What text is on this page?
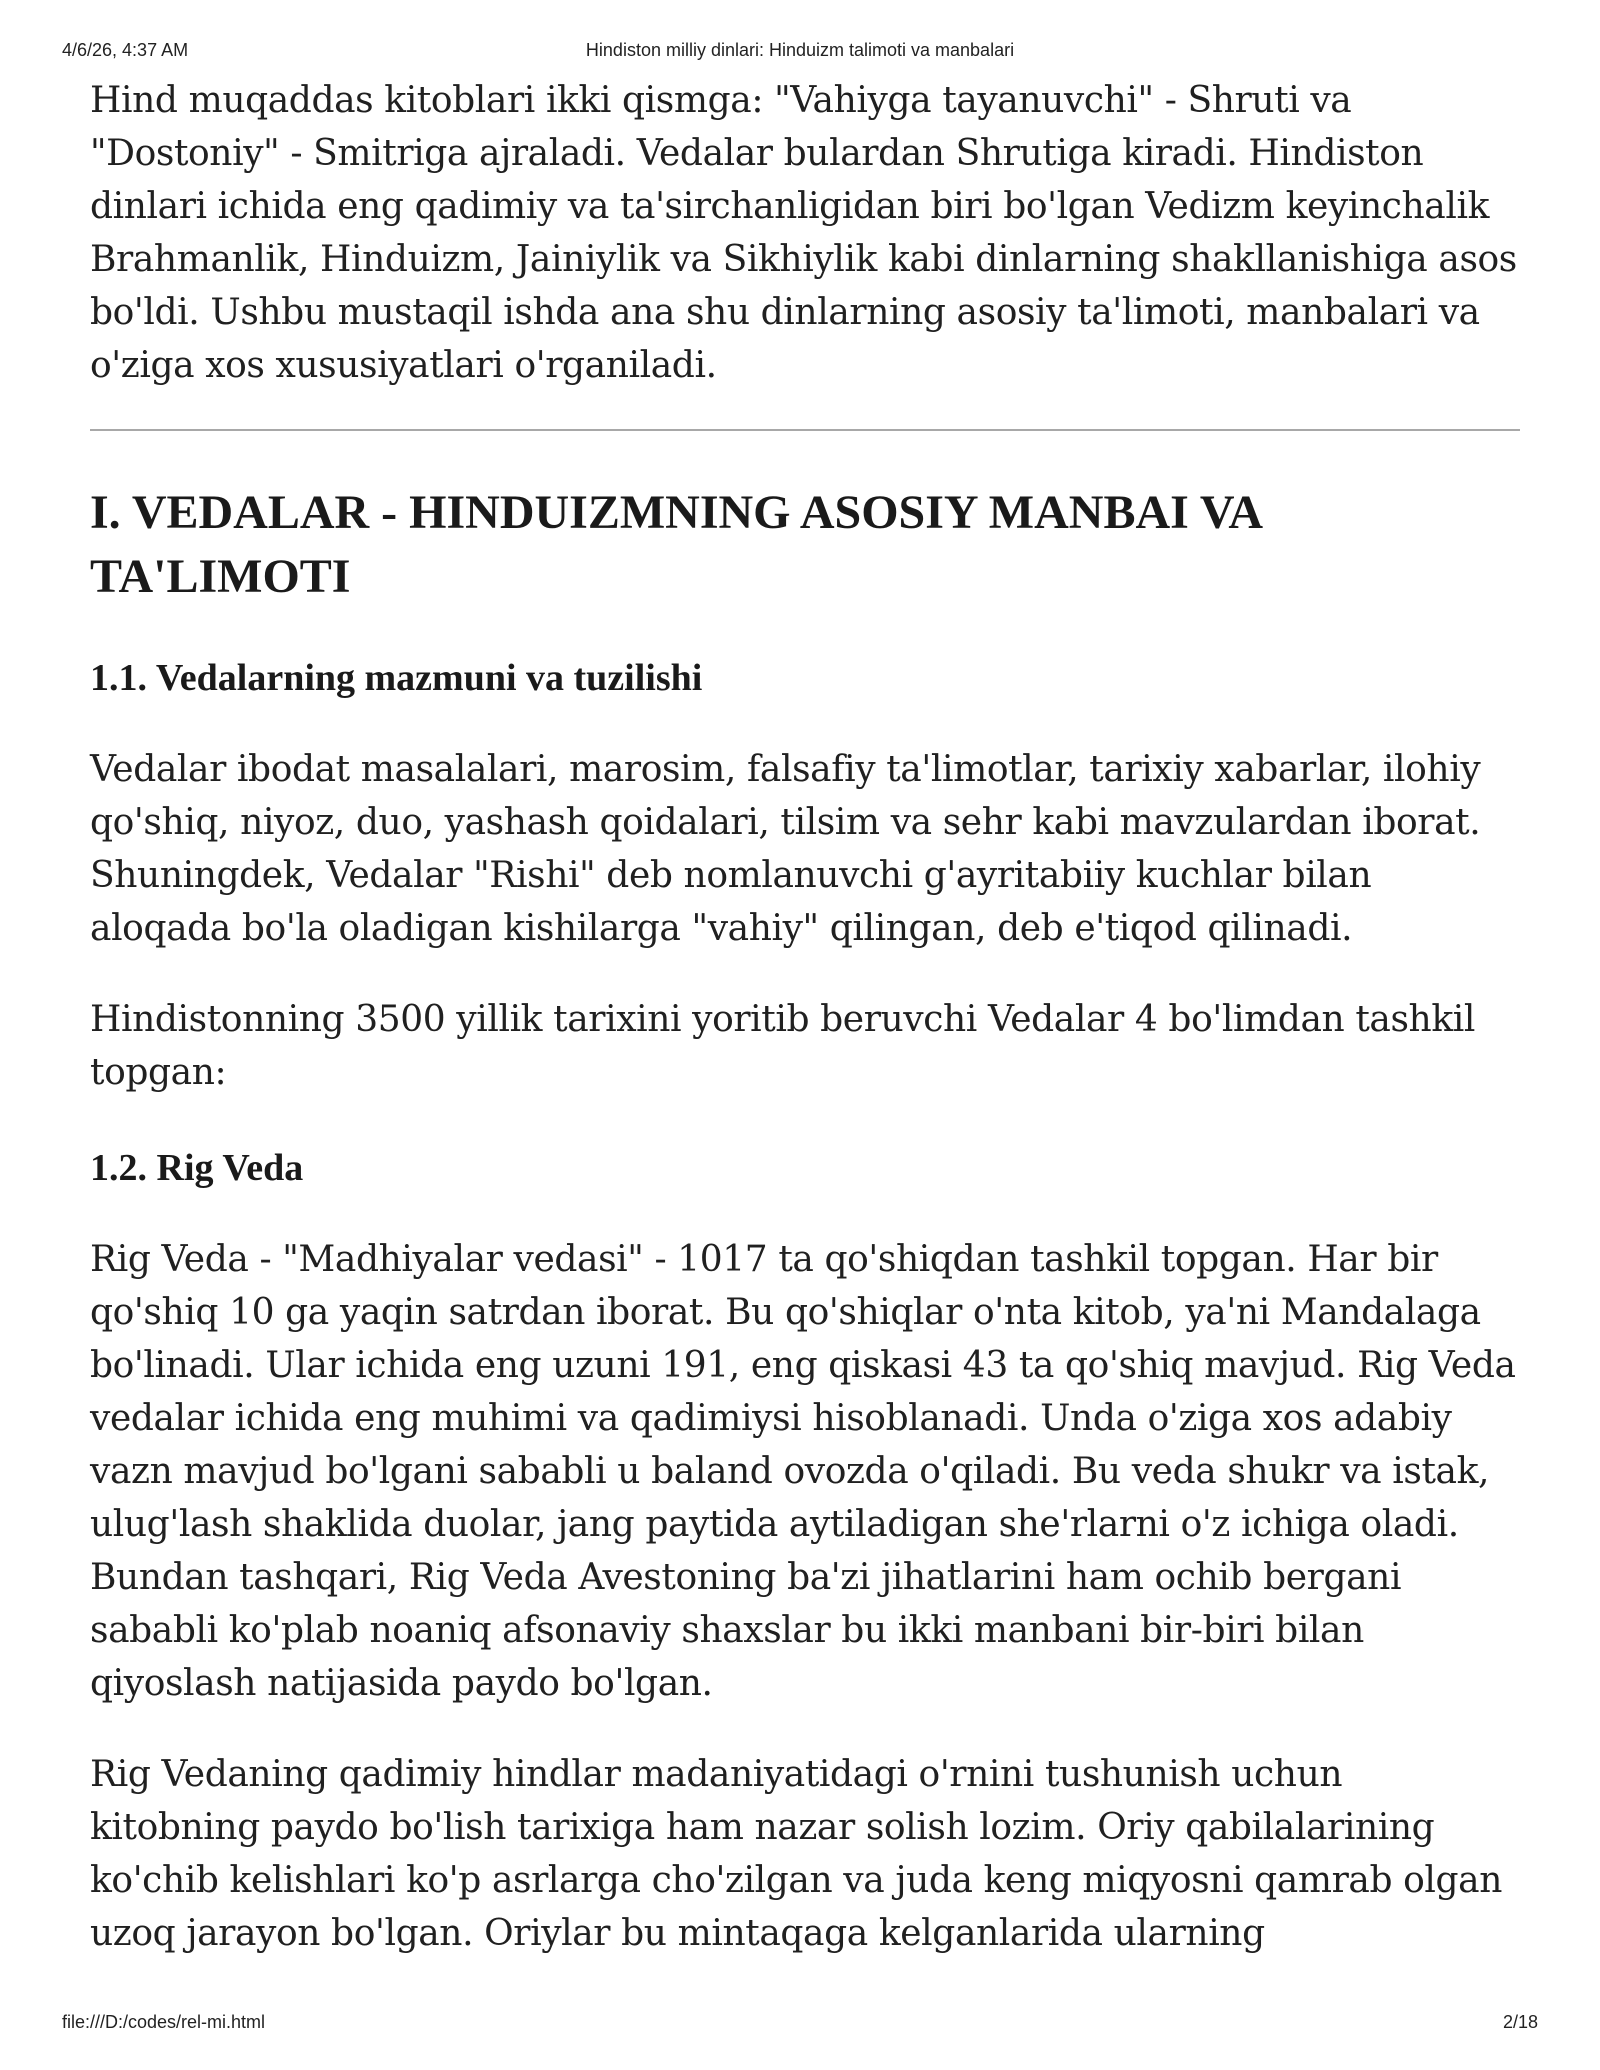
4/6/26, 4:37 AM	Hindiston milliy dinlari: Hinduizm talimoti va manbalari

Hind muqaddas kitoblari ikki qismga: "Vahiyga tayanuvchi" - Shruti va "Dostoniy" - Smitriga ajraladi. Vedalar bulardan Shrutiga kiradi. Hindiston dinlari ichida eng qadimiy va ta'sirchanligidan biri bo'lgan Vedizm keyinchalik Brahmanlik, Hinduizm, Jainiylik va Sikhiylik kabi dinlarning shakllanishiga asos bo'ldi. Ushbu mustaqil ishda ana shu dinlarning asosiy ta'limoti, manbalari va o'ziga xos xususiyatlari o'rganiladi.

I. VEDALAR - HINDUIZMNING ASOSIY MANBAI VA TA'LIMOTI
1.1. Vedalarning mazmuni va tuzilishi

Vedalar ibodat masalalari, marosim, falsafiy ta'limotlar, tarixiy xabarlar, ilohiy qo'shiq, niyoz, duo, yashash qoidalari, tilsim va sehr kabi mavzulardan iborat. Shuningdek, Vedalar "Rishi" deb nomlanuvchi g'ayritabiiy kuchlar bilan aloqada bo'la oladigan kishilarga "vahiy" qilingan, deb e'tiqod qilinadi.

Hindistonning 3500 yillik tarixini yoritib beruvchi Vedalar 4 bo'limdan tashkil topgan:

1.2. Rig Veda

Rig Veda - "Madhiyalar vedasi" - 1017 ta qo'shiqdan tashkil topgan. Har bir qo'shiq 10 ga yaqin satrdan iborat. Bu qo'shiqlar o'nta kitob, ya'ni Mandalaga bo'linadi. Ular ichida eng uzuni 191, eng qiskasi 43 ta qo'shiq mavjud. Rig Veda vedalar ichida eng muhimi va qadimiysi hisoblanadi. Unda o'ziga xos adabiy vazn mavjud bo'lgani sababli u baland ovozda o'qiladi. Bu veda shukr va istak, ulug'lash shaklida duolar, jang paytida aytiladigan she'rlarni o'z ichiga oladi. Bundan tashqari, Rig Veda Avestoning ba'zi jihatlarini ham ochib bergani sababli ko'plab noaniq afsonaviy shaxslar bu ikki manbani bir-biri bilan qiyoslash natijasida paydo bo'lgan.

Rig Vedaning qadimiy hindlar madaniyatidagi o'rnini tushunish uchun kitobning paydo bo'lish tarixiga ham nazar solish lozim. Oriy qabilalarining ko'chib kelishlari ko'p asrlarga cho'zilgan va juda keng miqyosni qamrab olgan uzoq jarayon bo'lgan. Oriylar bu mintaqaga kelganlarida ularning

file:///D:/codes/rel-mi.html	2/18
